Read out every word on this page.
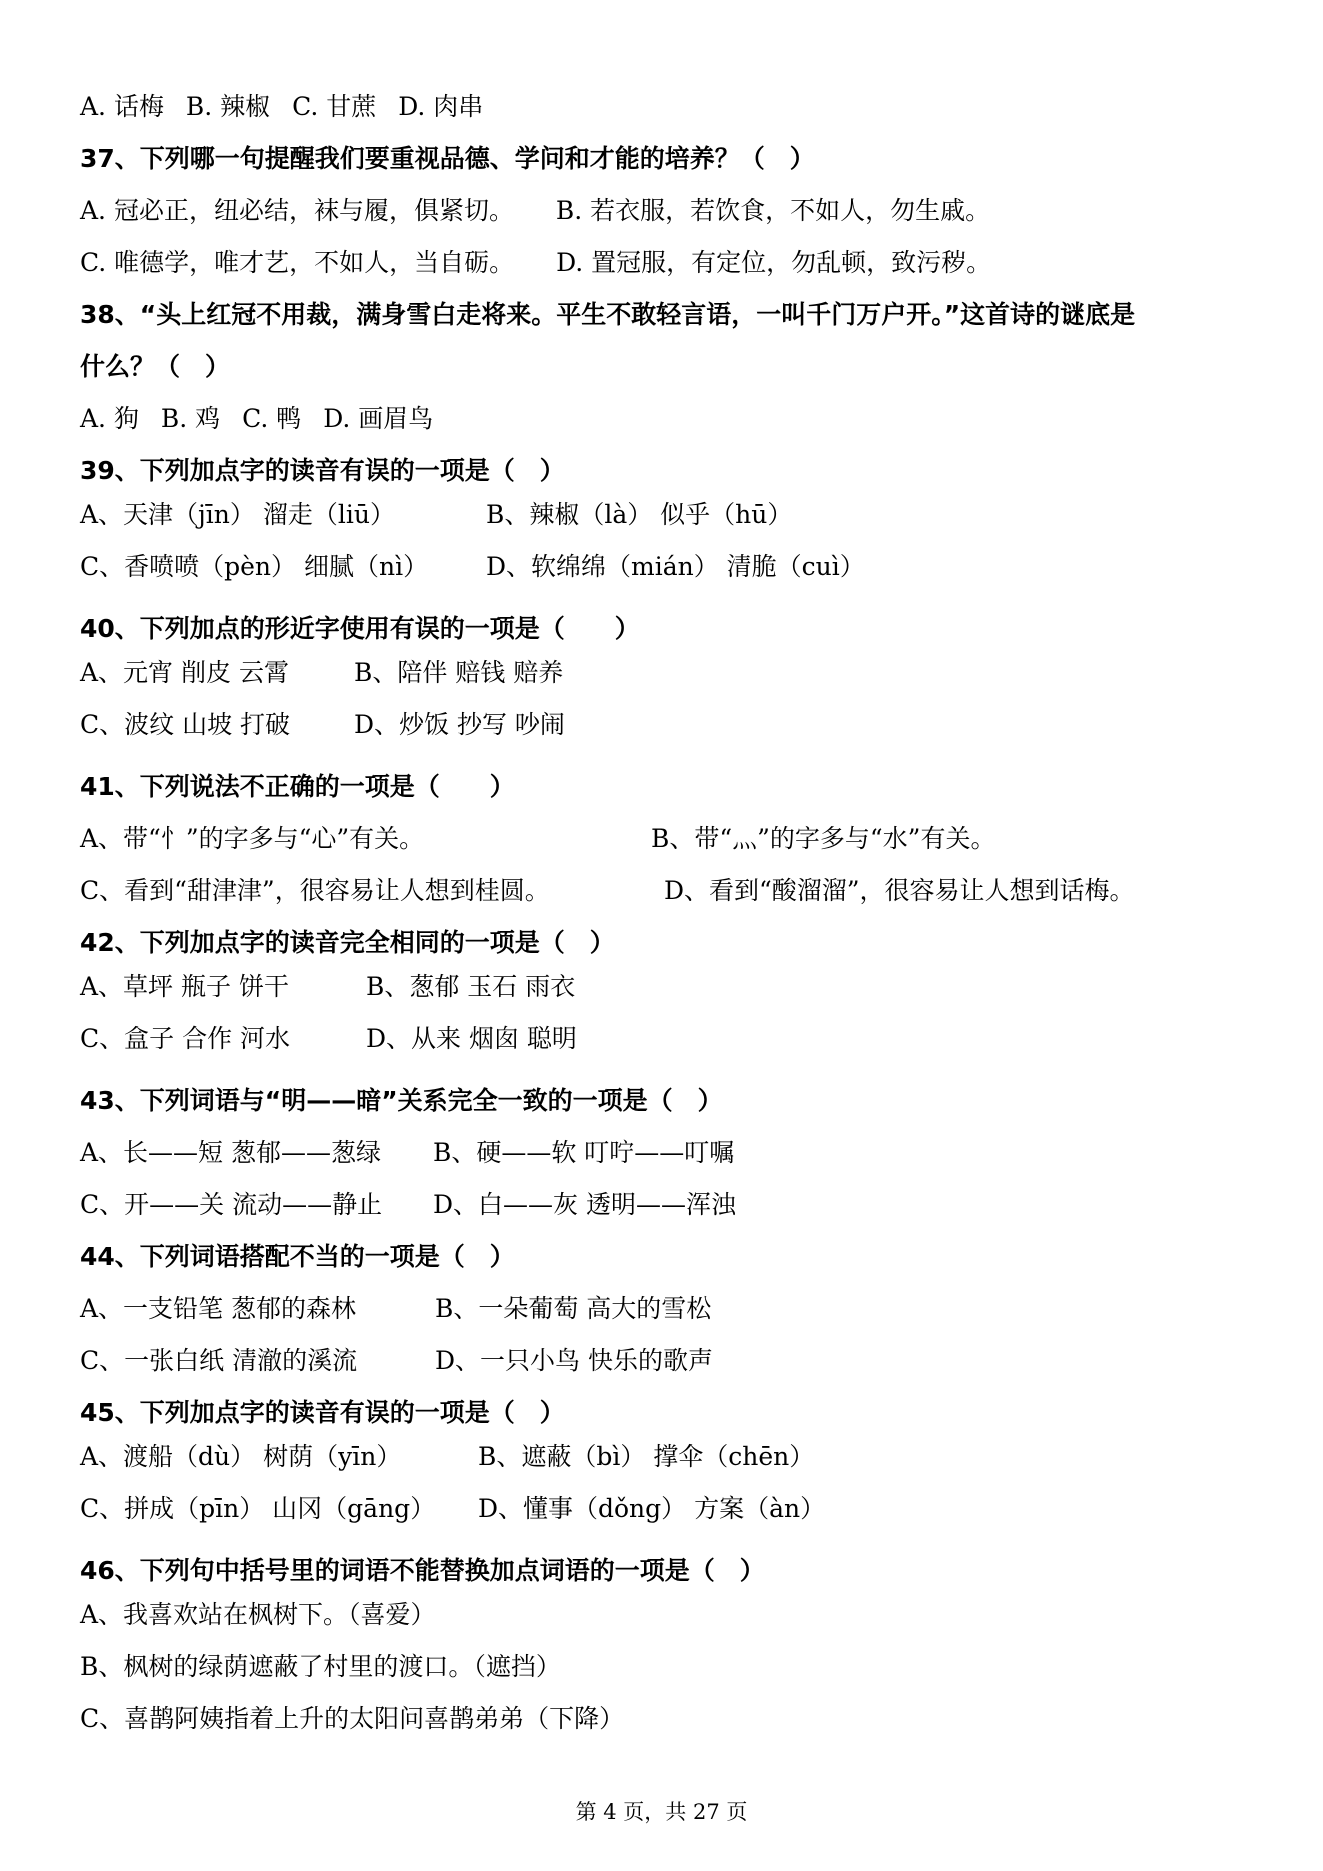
A. 话梅 B. 辣椒 C. 甘蔗 D. 肉串
37、下列哪一句提醒我们要重视品德、学问和才能的培养？（　）
A. 冠必正，纽必结，袜与履，俱紧切。 B. 若衣服，若饮食，不如人，勿生戚。
C. 唯德学，唯才艺，不如人，当自砺。 D. 置冠服，有定位，勿乱顿，致污秽。
38、“头上红冠不用裁，满身雪白走将来。平生不敢轻言语，一叫千门万户开。”这首诗的谜底是
什么？（　）
A. 狗 B. 鸡 C. 鸭 D. 画眉鸟
39、下列加点字的读音有误的一项是（　）
A、天津（jīn） 溜走（liū）	B、辣椒（là） 似乎（hū）
C、香喷喷（pèn） 细腻（nì） D、软绵绵（mián） 清脆（cuì）
40、下列加点的形近字使用有误的一项是（　　）
A、元宵 削皮 云霄	B、陪伴 赔钱 赔养
C、波纹 山坡 打破	D、炒饭 抄写 吵闹
41、下列说法不正确的一项是（　　）
A、带“忄”的字多与“心”有关。	B、带“灬”的字多与“水”有关。
C、看到“甜津津”，很容易让人想到桂圆。	D、看到“酸溜溜”，很容易让人想到话梅。
42、下列加点字的读音完全相同的一项是（　）
A、草坪 瓶子 饼干	B、葱郁 玉石 雨衣
C、盒子 合作 河水	D、从来 烟囱 聪明
43、下列词语与“明——暗”关系完全一致的一项是（　）
A、长——短 葱郁——葱绿 B、硬——软 叮咛——叮嘱
C、开——关 流动——静止 D、白——灰 透明——浑浊
44、下列词语搭配不当的一项是（　）
A、一支铅笔 葱郁的森林	B、一朵葡萄 高大的雪松
C、一张白纸 清澈的溪流	D、一只小鸟 快乐的歌声
45、下列加点字的读音有误的一项是（　）
A、渡船（dù） 树荫（yīn）	B、遮蔽（bì） 撑伞（chēn）
C、拼成（pīn） 山冈（gāng） D、懂事（dǒng） 方案（àn）
46、下列句中括号里的词语不能替换加点词语的一项是（　）
A、我喜欢站在枫树下。（喜爱）
B、枫树的绿荫遮蔽了村里的渡口。（遮挡）
C、喜鹊阿姨指着上升的太阳问喜鹊弟弟（下降）
第 4 页，共 27 页
